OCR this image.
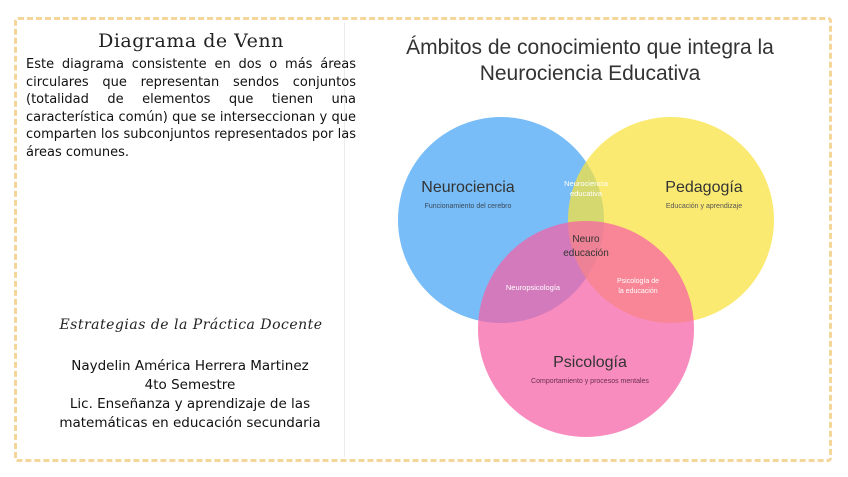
Diagrama de Venn
Este diagrama consistente en dos o más áreas circulares que representan sendos conjuntos (totalidad de elementos que tienen una característica común) que se interseccionan y que comparten los subconjuntos representados por las áreas comunes.
Estrategias de la Práctica Docente
Naydelin América Herrera Martinez
4to Semestre
Lic. Enseñanza y aprendizaje de las matemáticas en educación secundaria
Ámbitos de conocimiento que integra la
Neurociencia Educativa
Neurociencia
Funcionamiento del cerebro
Pedagogía
Educación y aprendizaje
Psicología
Comportamiento y procesos mentales
Neurociencia
educativa
Neuro
educación
Neuropsicología
Psicología de
la educación
